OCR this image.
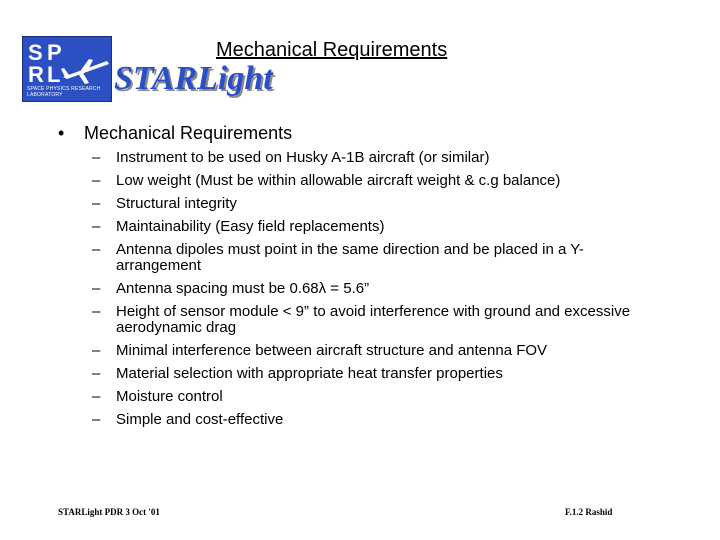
S P
R L
SPACE PHYSICS RESEARCH LABORATORY
Mechanical Requirements
STARLight
• Mechanical Requirements
– Instrument to be used on Husky A-1B aircraft (or similar)
– Low weight (Must be within allowable aircraft weight & c.g balance)
– Structural integrity
– Maintainability (Easy field replacements)
– Antenna dipoles must point in the same direction and be placed in a Y-arrangement
– Antenna spacing must be 0.68λ = 5.6”
– Height of sensor module < 9” to avoid interference with ground and excessive aerodynamic drag
– Minimal interference between aircraft structure and antenna FOV
– Material selection with appropriate heat transfer properties
– Moisture control
– Simple and cost-effective
STARLight PDR 3 Oct '01	F.1.2 Rashid
